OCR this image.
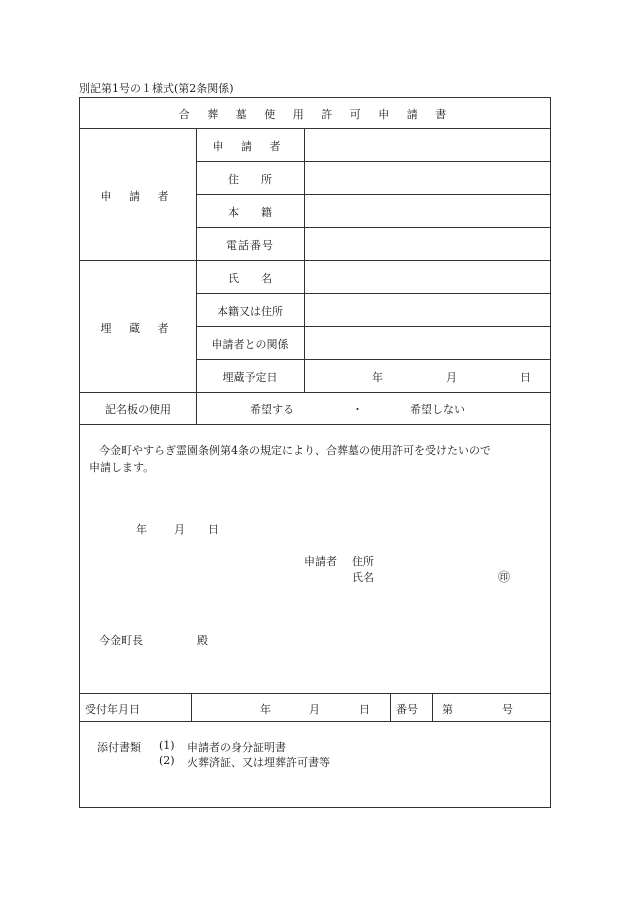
別記第1号の１様式(第2条関係)
合 葬 墓 使 用 許 可 申 請 書
申 請 者
申 請 者
住　　所
本　　籍
電話番号
埋 蔵 者
氏　　名
本籍又は住所
申請者との関係
埋蔵予定日	年	月	日
記名板の使用	希望する	・	希望しない
今金町やすらぎ霊園条例第4条の規定により、合葬墓の使用許可を受けたいので
申請します。
年 月 日
申請者 住所
氏名	㊞
今金町長	殿
受付年月日	年	月	日 番号 第	号
添付書類 (1) 申請者の身分証明書
(2) 火葬済証、又は埋葬許可書等
